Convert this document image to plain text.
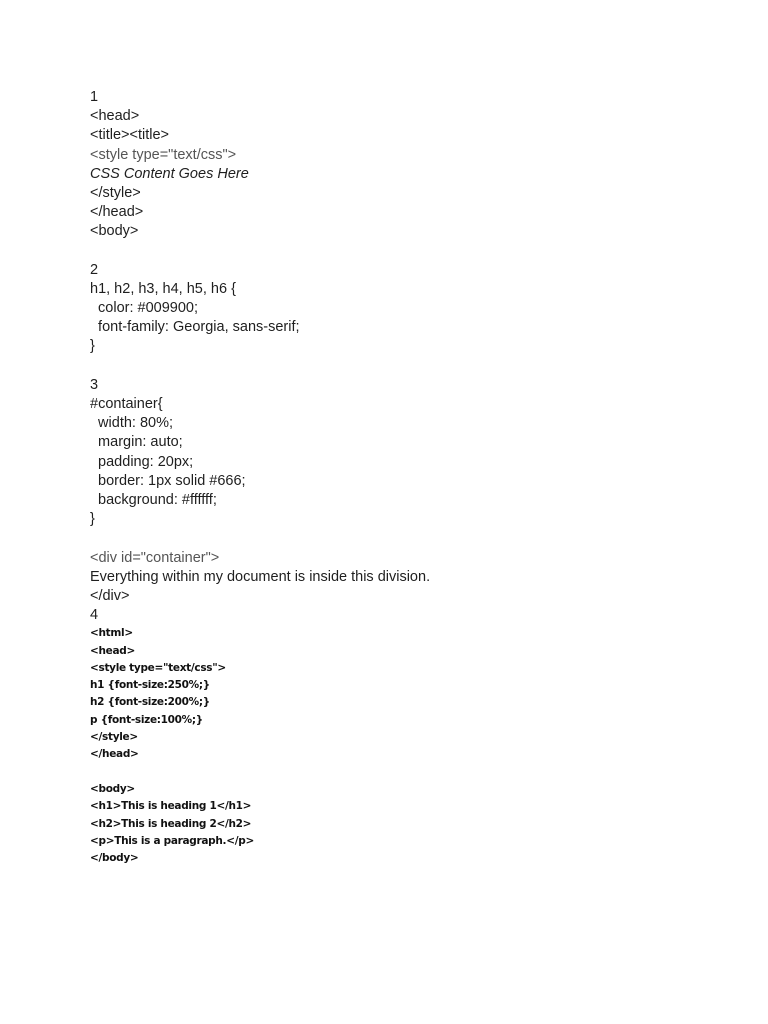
1
<head>
<title><title>
<style type="text/css">
CSS Content Goes Here
</style>
</head>
<body>
2
h1, h2, h3, h4, h5, h6 {
color: #009900;
font-family: Georgia, sans-serif;
}
3
#container{
width: 80%;
margin: auto;
padding: 20px;
border: 1px solid #666;
background: #ffffff;
}
<div id="container">
Everything within my document is inside this division.
</div>
4
<html>
<head>
<style type="text/css">
h1 {font-size:250%;}
h2 {font-size:200%;}
p {font-size:100%;}
</style>
</head>
<body>
<h1>This is heading 1</h1>
<h2>This is heading 2</h2>
<p>This is a paragraph.</p>
</body>
